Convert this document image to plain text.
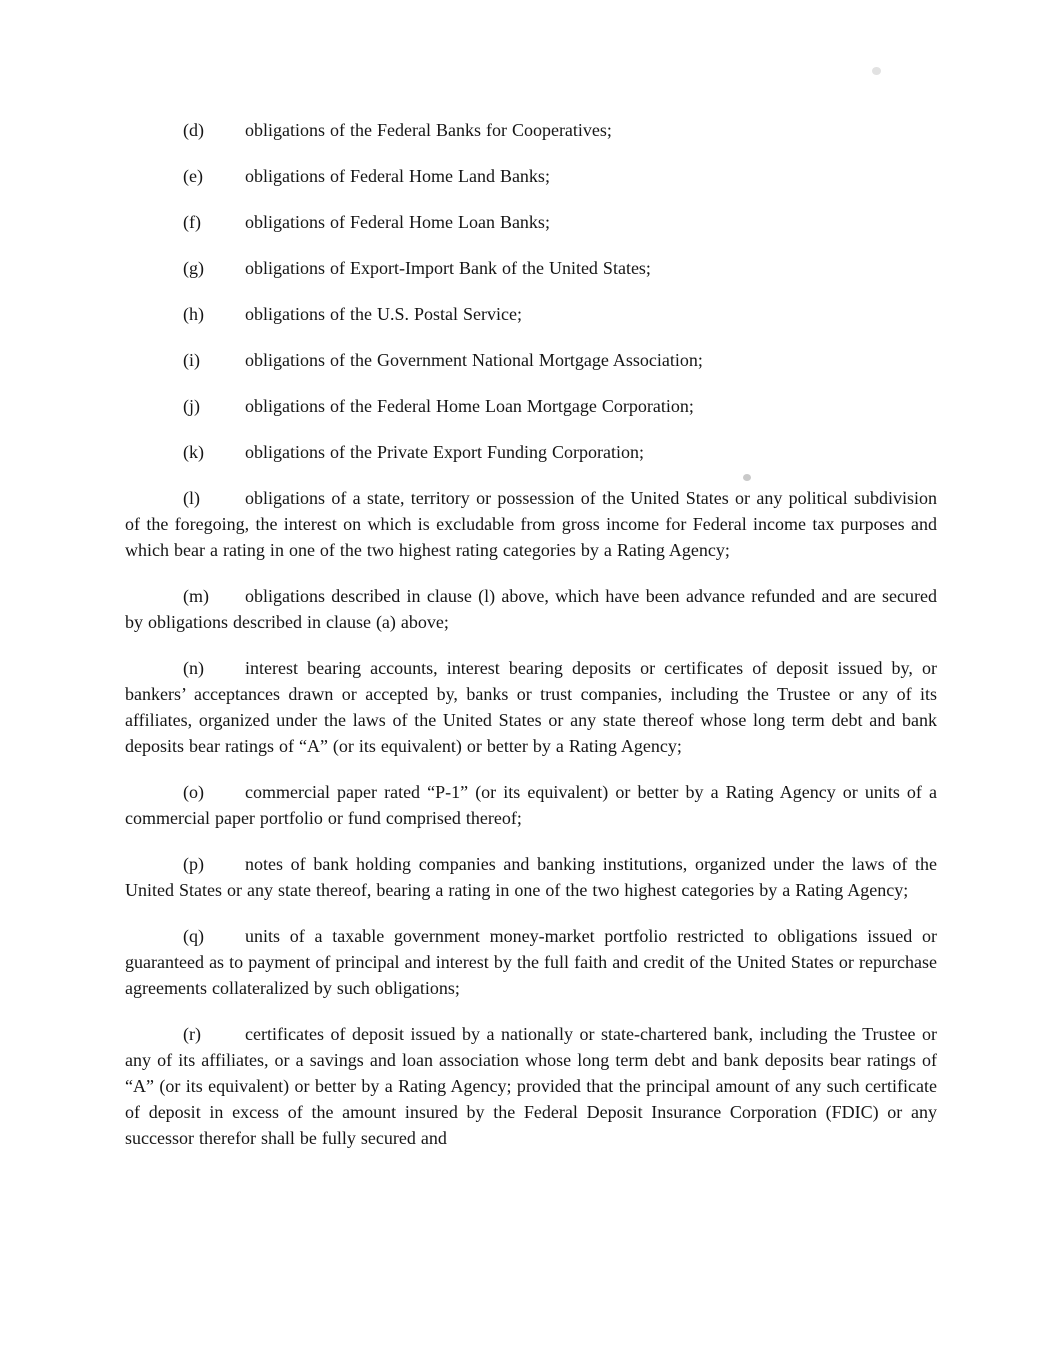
(d) obligations of the Federal Banks for Cooperatives;

(e) obligations of Federal Home Land Banks;

(f) obligations of Federal Home Loan Banks;

(g) obligations of Export-Import Bank of the United States;

(h) obligations of the U.S. Postal Service;

(i)	obligations of the Government National Mortgage Association;

(j)	obligations of the Federal Home Loan Mortgage Corporation;

(k) obligations of the Private Export Funding Corporation;

(l)	obligations of a state, territory or possession of the United States or any political subdivision of the foregoing, the interest on which is excludable from gross income for Federal income tax purposes and which bear a rating in one of the two highest rating categories by a Rating Agency;

(m) obligations described in clause (l) above, which have been advance refunded and are secured by obligations described in clause (a) above;

(n) interest bearing accounts, interest bearing deposits or certificates of deposit issued by, or bankers’ acceptances drawn or accepted by, banks or trust companies, including the Trustee or any of its affiliates, organized under the laws of the United States or any state thereof whose long term debt and bank deposits bear ratings of “A” (or its equivalent) or better by a Rating Agency;

(o) commercial paper rated “P-1” (or its equivalent) or better by a Rating Agency or units of a commercial paper portfolio or fund comprised thereof;

(p) notes of bank holding companies and banking institutions, organized under the laws of the United States or any state thereof, bearing a rating in one of the two highest categories by a Rating Agency;

(q) units of a taxable government money-market portfolio restricted to obligations issued or guaranteed as to payment of principal and interest by the full faith and credit of the United States or repurchase agreements collateralized by such obligations;

(r) certificates of deposit issued by a nationally or state-chartered bank, including the Trustee or any of its affiliates, or a savings and loan association whose long term debt and bank deposits bear ratings of “A” (or its equivalent) or better by a Rating Agency; provided that the principal amount of any such certificate of deposit in excess of the amount insured by the Federal Deposit Insurance Corporation (FDIC) or any successor therefor shall be fully secured and
